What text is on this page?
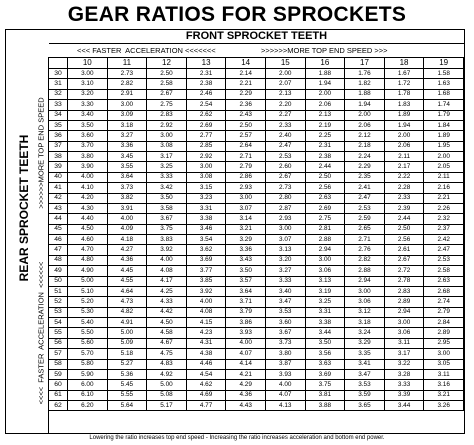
GEAR RATIOS FOR SPROCKETS
FRONT SPROCKET TEETH
<<< FASTER  ACCELERATION <<<<<<<	>>>>>>MORE TOP END SPEED >>>
REAR SPROCKET TEETH >>>>>>MORE TOP END SPEED
<<<<  FASTER  ACCELERATION  <<<<<<
	10	11	12	13	14	15	16	17	18	19
30	3.00	2.73	2.50	2.31	2.14	2.00	1.88	1.76	1.67	1.58
31	3.10	2.82	2.58	2.38	2.21	2.07	1.94	1.82	1.72	1.63
32	3.20	2.91	2.67	2.46	2.29	2.13	2.00	1.88	1.78	1.68
33	3.30	3.00	2.75	2.54	2.36	2.20	2.06	1.94	1.83	1.74
34	3.40	3.09	2.83	2.62	2.43	2.27	2.13	2.00	1.89	1.79
35	3.50	3.18	2.92	2.69	2.50	2.33	2.19	2.06	1.94	1.84
36	3.60	3.27	3.00	2.77	2.57	2.40	2.25	2.12	2.00	1.89
37	3.70	3.36	3.08	2.85	2.64	2.47	2.31	2.18	2.06	1.95
38	3.80	3.45	3.17	2.92	2.71	2.53	2.38	2.24	2.11	2.00
39	3.90	3.55	3.25	3.00	2.79	2.60	2.44	2.29	2.17	2.05
40	4.00	3.64	3.33	3.08	2.86	2.67	2.50	2.35	2.22	2.11
41	4.10	3.73	3.42	3.15	2.93	2.73	2.56	2.41	2.28	2.16
42	4.20	3.82	3.50	3.23	3.00	2.80	2.63	2.47	2.33	2.21
43	4.30	3.91	3.58	3.31	3.07	2.87	2.69	2.53	2.39	2.26
44	4.40	4.00	3.67	3.38	3.14	2.93	2.75	2.59	2.44	2.32
45	4.50	4.09	3.75	3.46	3.21	3.00	2.81	2.65	2.50	2.37
46	4.60	4.18	3.83	3.54	3.29	3.07	2.88	2.71	2.56	2.42
47	4.70	4.27	3.92	3.62	3.36	3.13	2.94	2.76	2.61	2.47
48	4.80	4.36	4.00	3.69	3.43	3.20	3.00	2.82	2.67	2.53
49	4.90	4.45	4.08	3.77	3.50	3.27	3.06	2.88	2.72	2.58
50	5.00	4.55	4.17	3.85	3.57	3.33	3.13	2.94	2.78	2.63
51	5.10	4.64	4.25	3.92	3.64	3.40	3.19	3.00	2.83	2.68
52	5.20	4.73	4.33	4.00	3.71	3.47	3.25	3.06	2.89	2.74
53	5.30	4.82	4.42	4.08	3.79	3.53	3.31	3.12	2.94	2.79
54	5.40	4.91	4.50	4.15	3.86	3.60	3.38	3.18	3.00	2.84
55	5.50	5.00	4.58	4.23	3.93	3.67	3.44	3.24	3.06	2.89
56	5.60	5.09	4.67	4.31	4.00	3.73	3.50	3.29	3.11	2.95
57	5.70	5.18	4.75	4.38	4.07	3.80	3.56	3.35	3.17	3.00
58	5.80	5.27	4.83	4.46	4.14	3.87	3.63	3.41	3.22	3.05
59	5.90	5.36	4.92	4.54	4.21	3.93	3.69	3.47	3.28	3.11
60	6.00	5.45	5.00	4.62	4.29	4.00	3.75	3.53	3.33	3.16
61	6.10	5.55	5.08	4.69	4.36	4.07	3.81	3.59	3.39	3.21
62	6.20	5.64	5.17	4.77	4.43	4.13	3.88	3.65	3.44	3.26
Lowering the ratio increases top end speed - Increasing the ratio increases acceleration and bottom end power.
